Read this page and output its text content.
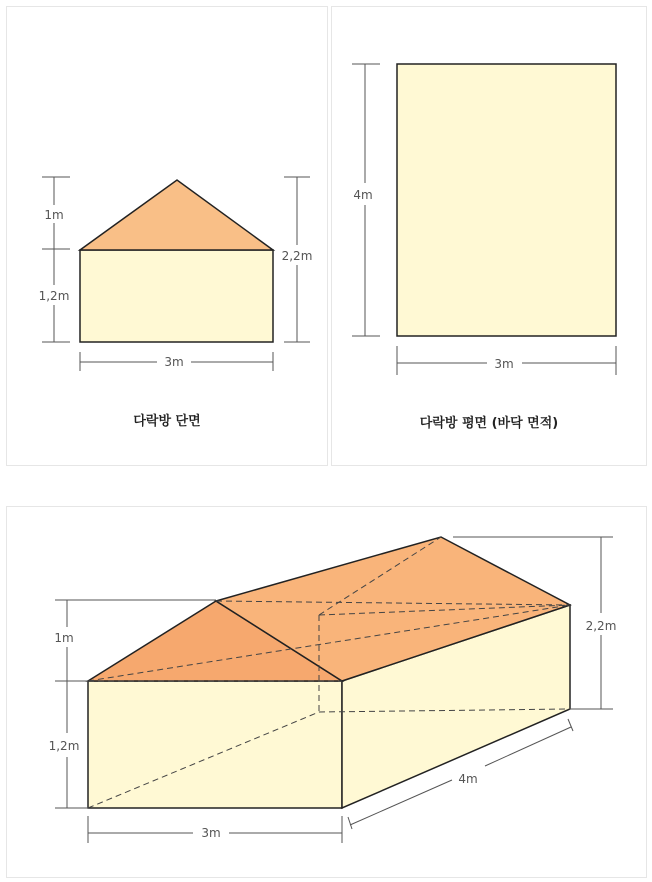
1m
1,2m
2,2m
3m
다락방 단면
4m
3m
다락방 평면 (바닥 면적)
1m
1,2m
2,2m
3m
4m
